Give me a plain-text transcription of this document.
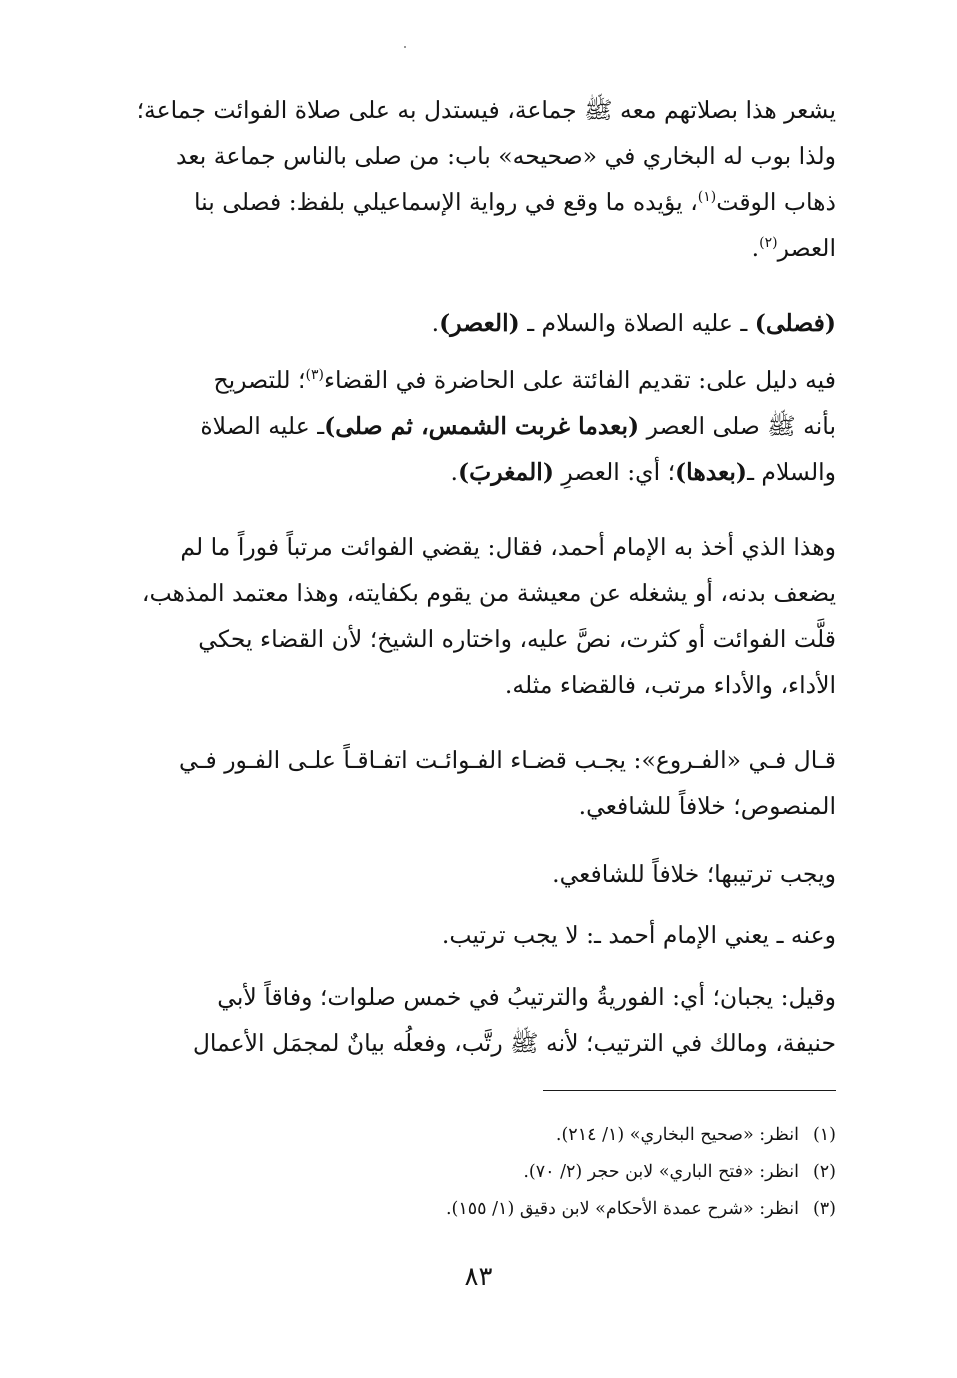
يشعر هذا بصلاتهم معه ﷺ جماعة، فيستدل به على صلاة الفوائت جماعة؛
ولذا بوب له البخاري في «صحيحه» باب: من صلى بالناس جماعة بعد
ذهاب الوقت$^{(١)}$، يؤيده ما وقع في رواية الإسماعيلي بلفظ: فصلى بنا
العصر$^{(٢)}$.
(فصلى) ـ عليه الصلاة والسلام ـ (العصر).
فيه دليل على: تقديم الفائتة على الحاضرة في القضاء$^{(٣)}$؛ للتصريح
بأنه ﷺ صلى العصر (بعدما غربت الشمس، ثم صلى)ـ عليه الصلاة
والسلام ـ(بعدها)؛ أي: العصرِ (المغربَ).
وهذا الذي أخذ به الإمام أحمد، فقال: يقضي الفوائت مرتباً فوراً ما لم
يضعف بدنه، أو يشغله عن معيشة من يقوم بكفايته، وهذا معتمد المذهب،
قلَّت الفوائت أو كثرت، نصَّ عليه، واختاره الشيخ؛ لأن القضاء يحكي
الأداء، والأداء مرتب، فالقضاء مثله.
قـال فـي «الفـروع»: يجـب قضـاء الفـوائـت اتفـاقـاً علـى الفـور فـي
المنصوص؛ خلافاً للشافعي.
ويجب ترتيبها؛ خلافاً للشافعي.
وعنه ـ يعني الإمام أحمد ـ: لا يجب ترتيب.
وقيل: يجبان؛ أي: الفوريةُ والترتيبُ في خمس صلوات؛ وفاقاً لأبي
حنيفة، ومالك في الترتيب؛ لأنه ﷺ رتَّب، وفعلُه بيانٌ لمجمَل الأعمال
(١)انظر: «صحيح البخاري» (١/ ٢١٤).
(٢)انظر: «فتح الباري» لابن حجر (٢/ ٧٠).
(٣)انظر: «شرح عمدة الأحكام» لابن دقيق (١/ ١٥٥).
٨٣
